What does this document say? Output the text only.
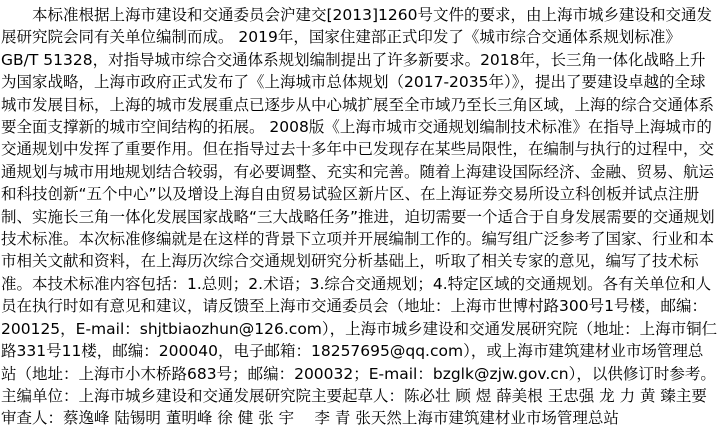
本标准根据上海市建设和交通委员会沪建交[2013]1260号文件的要求，由上海市城乡建设和交通发展研究院会同有关单位编制而成。 2019年，国家住建部正式印发了《城市综合交通体系规划标准》GB/T 51328，对指导城市综合交通体系规划编制提出了许多新要求。2018年，长三角一体化战略上升为国家战略，上海市政府正式发布了《上海城市总体规划（2017-2035年）》，提出了要建设卓越的全球城市发展目标，上海的城市发展重点已逐步从中心城扩展至全市域乃至长三角区域，上海的综合交通体系要全面支撑新的城市空间结构的拓展。 2008版《上海市城市交通规划编制技术标准》在指导上海城市的交通规划中发挥了重要作用。但在指导过去十多年中已发现存在某些局限性，在编制与执行的过程中，交通规划与城市用地规划结合较弱，有必要调整、充实和完善。随着上海建设国际经济、金融、贸易、航运和科技创新“五个中心”以及增设上海自由贸易试验区新片区、在上海证券交易所设立科创板并试点注册制、实施长三角一体化发展国家战略“三大战略任务”推进，迫切需要一个适合于自身发展需要的交通规划技术标准。本次标准修编就是在这样的背景下立项并开展编制工作的。编写组广泛参考了国家、行业和本市相关文献和资料，在上海历次综合交通规划研究分析基础上，听取了相关专家的意见，编写了技术标准。本技术标准内容包括：1.总则；2.术语；3.综合交通规划；4.特定区域的交通规划。各有关单位和人员在执行时如有意见和建议，请反馈至上海市交通委员会（地址：上海市世博村路300号1号楼，邮编：200125，E-mail：shjtbiaozhun@126.com），上海市城乡建设和交通发展研究院（地址：上海市铜仁路331号11楼，邮编：200040，电子邮箱：18257695@qq.com），或上海市建筑建材业市场管理总站（地址：上海市小木桥路683号；邮编：200032；E-mail：bzglk@zjw.gov.cn），以供修订时参考。主编单位：上海市城乡建设和交通发展研究院主要起草人：陈必壮 顾 煜 薛美根 王忠强 龙 力 黄 臻主要审查人：蔡逸峰 陆锡明 董明峰 徐 健 张 宇　 李 青 张天然上海市建筑建材业市场管理总站
